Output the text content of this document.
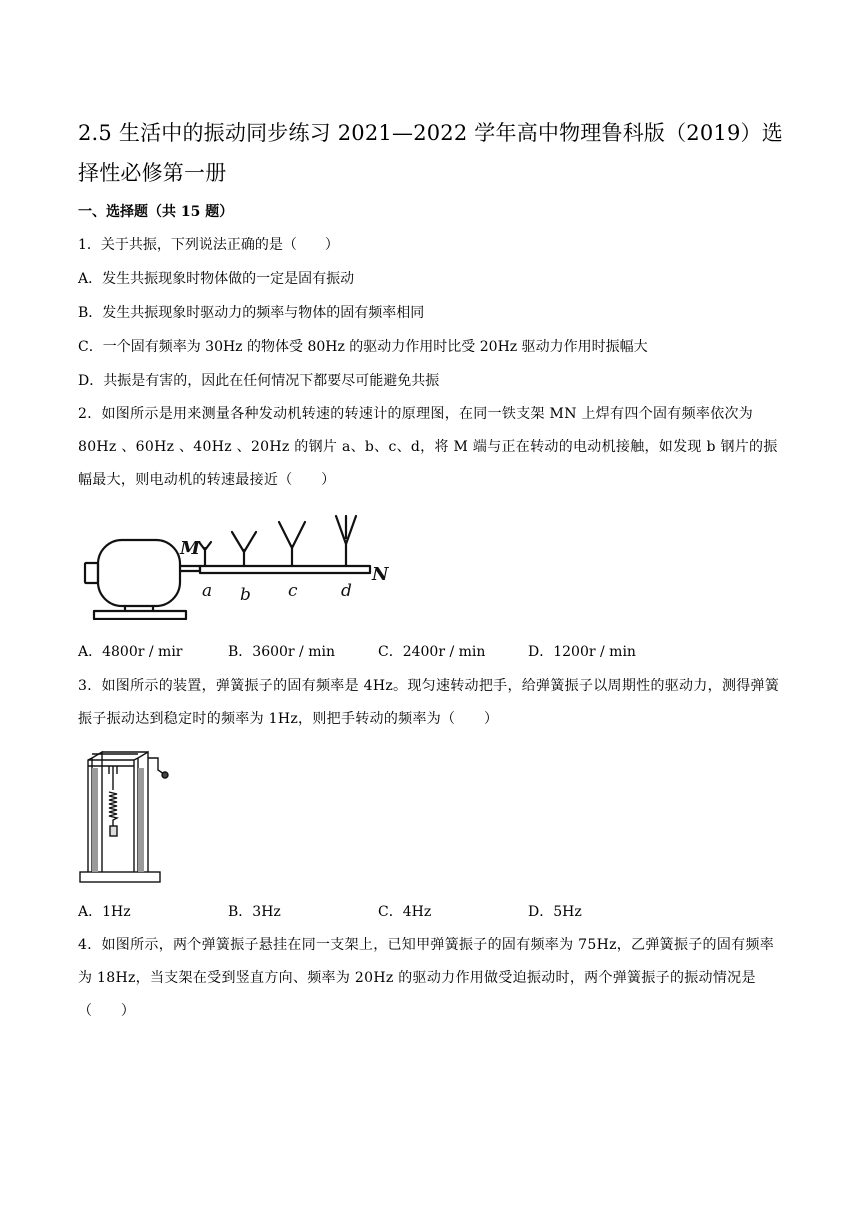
2.5 生活中的振动同步练习 2021—2022 学年高中物理鲁科版（2019）选择性必修第一册
一、选择题（共 15 题）
1．关于共振，下列说法正确的是（　　）
A．发生共振现象时物体做的一定是固有振动
B．发生共振现象时驱动力的频率与物体的固有频率相同
C．一个固有频率为 30Hz 的物体受 80Hz 的驱动力作用时比受 20Hz 驱动力作用时振幅大
D．共振是有害的，因此在任何情况下都要尽可能避免共振
2．如图所示是用来测量各种发动机转速的转速计的原理图，在同一铁支架 MN 上焊有四个固有频率依次为 80Hz 、60Hz 、40Hz 、20Hz 的钢片 a、b、c、d，将 M 端与正在转动的电动机接触，如发现 b 钢片的振幅最大，则电动机的转速最接近（　　）
M
N
a b c	d
A．4800r / mir	B．3600r / min	C．2400r / min	D．1200r / min
3．如图所示的装置，弹簧振子的固有频率是 4Hz。现匀速转动把手，给弹簧振子以周期性的驱动力，测得弹簧振子振动达到稳定时的频率为 1Hz，则把手转动的频率为（　　）
A．1Hz	B．3Hz	C．4Hz	D．5Hz
4．如图所示，两个弹簧振子悬挂在同一支架上，已知甲弹簧振子的固有频率为 75Hz，乙弹簧振子的固有频率为 18Hz，当支架在受到竖直方向、频率为 20Hz 的驱动力作用做受迫振动时，两个弹簧振子的振动情况是（　　）
